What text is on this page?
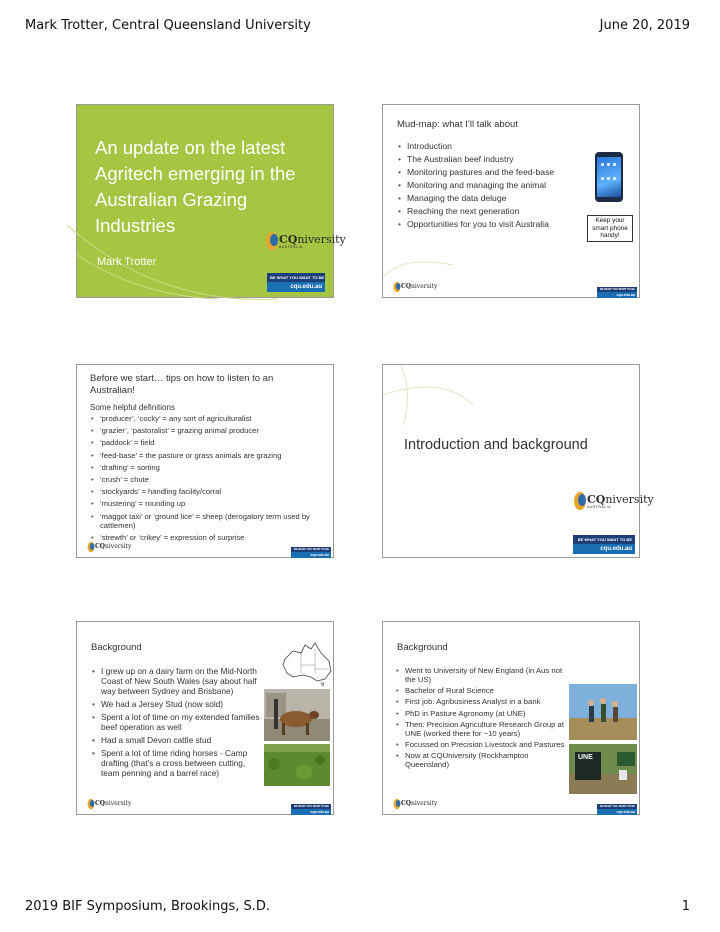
Mark Trotter, Central Queensland University	June 20, 2019
An update on the latest Agritech emerging in the Australian Grazing Industries
Mark Trotter
CQniversity
AUSTRALIA
BE WHAT YOU WANT TO BE
cqu.edu.au
Mud-map: what I’ll talk about
• Introduction
• The Australian beef industry
• Monitoring pastures and the feed-base
• Monitoring and managing the animal
• Managing the data deluge
• Reaching the next generation
• Opportunities for you to visit Australia	Keep your smart phone handy!
CQniversity	BE WHAT YOU WANT TO BE
cqu.edu.au
Before we start… tips on how to listen to an Australian!
Some helpful definitions
• ‘producer’, ‘cocky’ = any sort of agriculturalist
• ‘grazier’, ‘pastoralist’ = grazing animal producer
• ‘paddock’ = field
• ‘feed-base’ = the pasture or grass animals are grazing
• ‘drafting’ = sorting
• ‘crush’ = chute
• ‘stockyards’ = handling facility/corral
• ‘mustering’ = rounding up
• ‘maggot taxi’ or ‘ground lice’ = sheep (derogatory term used by cattlemen)
• ‘strewth’ or ‘crikey’ = expression of surprise
CQniversity	BE WHAT YOU WANT TO BE
cqu.edu.au
Introduction and background
CQniversity
AUSTRALIA
BE WHAT YOU WANT TO BE
cqu.edu.au
Background
• I grew up on a dairy farm on the Mid-North Coast of New South Wales (say about half way between Sydney and Brisbane)
• We had a Jersey Stud (now sold)
• Spent a lot of time on my extended families beef operation as well
• Had a small Devon cattle stud
• Spent a lot of time riding horses - Camp drafting (that’s a cross between cutting, team penning and a barrel race)
CQniversity	BE WHAT YOU WANT TO BE
cqu.edu.au
Background
• Went to University of New England (in Aus not the US)
• Bachelor of Rural Science
• First job: Agribusiness Analyst in a bank
• PhD in Pasture Agronomy (at UNE)
• Then: Precision Agriculture Research Group at UNE (worked there for ~10 years)
• Focussed on Precision Livestock and Pastures
• Now at CQUniversity (Rockhampton Queensland)
UNE
CQniversity	BE WHAT YOU WANT TO BE
cqu.edu.au
2019 BIF Symposium, Brookings, S.D.	1
